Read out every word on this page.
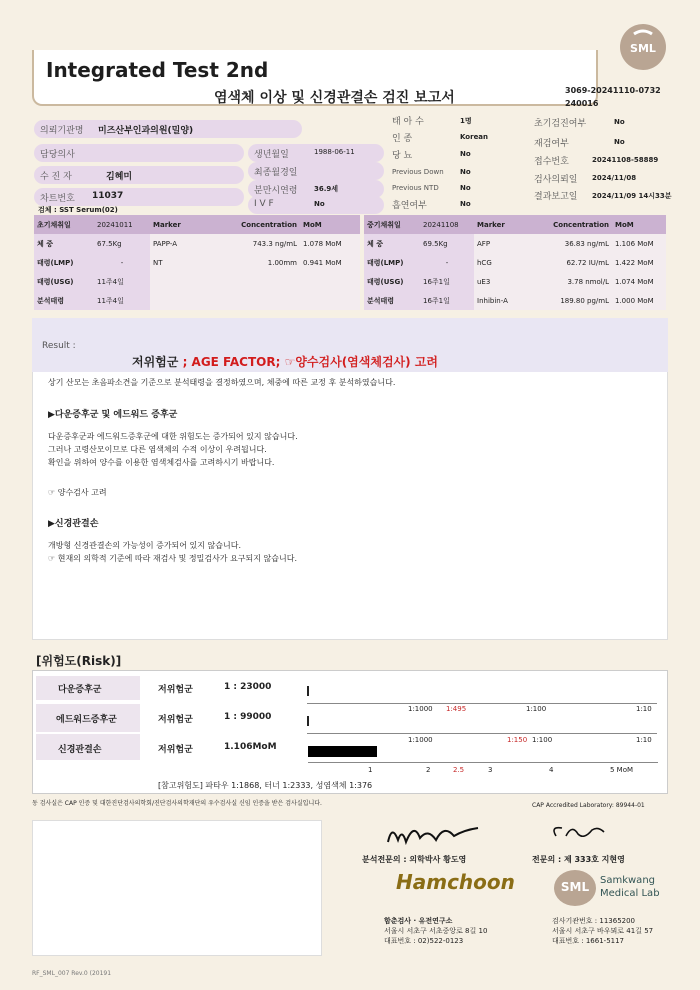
Integrated Test 2nd
염색체 이상 및 신경관결손 검진 보고서	3069-20241110-0732
240016
SML
의뢰기관명 미즈산부인과의원(밀양)
담당의사
수 진 자	김혜미
차트번호 11037
검체 : SST Serum(02)
생년월일	1988-06-11
최종월경일
분만시연령 36.9세
I V F	No
태 아 수	1명
인 종	Korean
당 뇨	No
Previous Down No
Previous NTD	No
흡연여부	No
초기검진여부	No
재검여부	No
접수번호	20241108-58889
검사의뢰일 2024/11/08
결과보고일 2024/11/09 14시33분
초기채취일	20241011	Marker	Concentration	MoM
체 중	67.5Kg	PAPP-A	743.3 ng/mL	1.078 MoM
태령(LMP)	-	NT	1.00mm	0.941 MoM
태령(USG)	11주4일			
분석태령	11주4일			
중기채취일	20241108	Marker	Concentration	MoM
체 중	69.5Kg	AFP	36.83 ng/mL	1.106 MoM
태령(LMP)	-	hCG	62.72 IU/mL	1.422 MoM
태령(USG)	16주1일	uE3	3.78 nmol/L	1.074 MoM
분석태령	16주1일	Inhibin-A	189.80 pg/mL	1.000 MoM
Result :
저위험군 ; AGE FACTOR; ☞양수검사(염색체검사) 고려
상기 산모는 초음파소견을 기준으로 분석태령을 결정하였으며, 체중에 따른 교정 후 분석하였습니다.
▶다운증후군 및 에드워드 증후군
다운증후군과 에드워드증후군에 대한 위험도는 증가되어 있지 않습니다.
그러나 고령산모이므로 다른 염색체의 수적 이상이 우려됩니다.
확인을 위하여 양수를 이용한 염색체검사를 고려하시기 바랍니다.
☞ 양수검사 고려
▶신경관결손
개방형 신경관결손의 가능성이 증가되어 있지 않습니다.
☞ 현재의 의학적 기준에 따라 재검사 및 정밀검사가 요구되지 않습니다.
[위험도(Risk)]
다운증후군	저위험군	1 : 23000
에드워드증후군	저위험군	1 : 99000
신경관결손	저위험군	1.106MoM
1:1000 1:495	1:100	1:10
1:1000	1:150 1:100	1:10
1	2	2.5	3	4	5 MoM
[참고위험도] 파타우 1:1868, 터너 1:2333, 성염색체 1:376
동 검사실은 CAP 인증 및 대한진단검사의학회/진단검사의학재단의 우수검사실 신임 인증을 받은 검사실입니다.	CAP Accredited Laboratory: 89944-01
분석전문의 : 의학박사 황도영	전문의 : 제 333호 지현영
Hamchoon	SML	Samkwang
Medical Lab
함춘검사 · 유전연구소
서울시 서초구 서초중앙로 8길 10
대표번호 : 02)522-0123
검사기관번호 : 11365200
서울시 서초구 바우뫼로 41길 57
대표번호 : 1661-5117
RF_SML_007 Rev.0 (20191
